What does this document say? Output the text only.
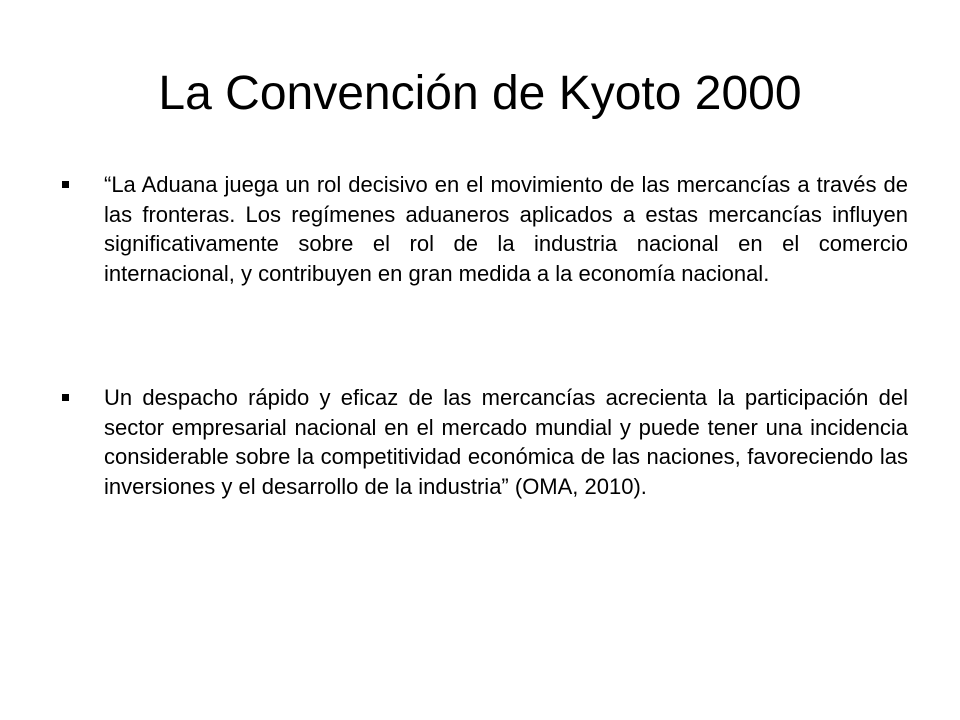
La Convención de Kyoto 2000
“La Aduana juega un rol decisivo en el movimiento de las mercancías a través de las fronteras. Los regímenes aduaneros aplicados a estas mercancías influyen significativamente sobre el rol de la industria nacional en el comercio internacional, y contribuyen en gran medida a la economía nacional.
Un despacho rápido y eficaz de las mercancías acrecienta la participación del sector empresarial nacional en el mercado mundial y puede tener una incidencia considerable sobre la competitividad económica de las naciones, favoreciendo las inversiones y el desarrollo de la industria” (OMA, 2010).
